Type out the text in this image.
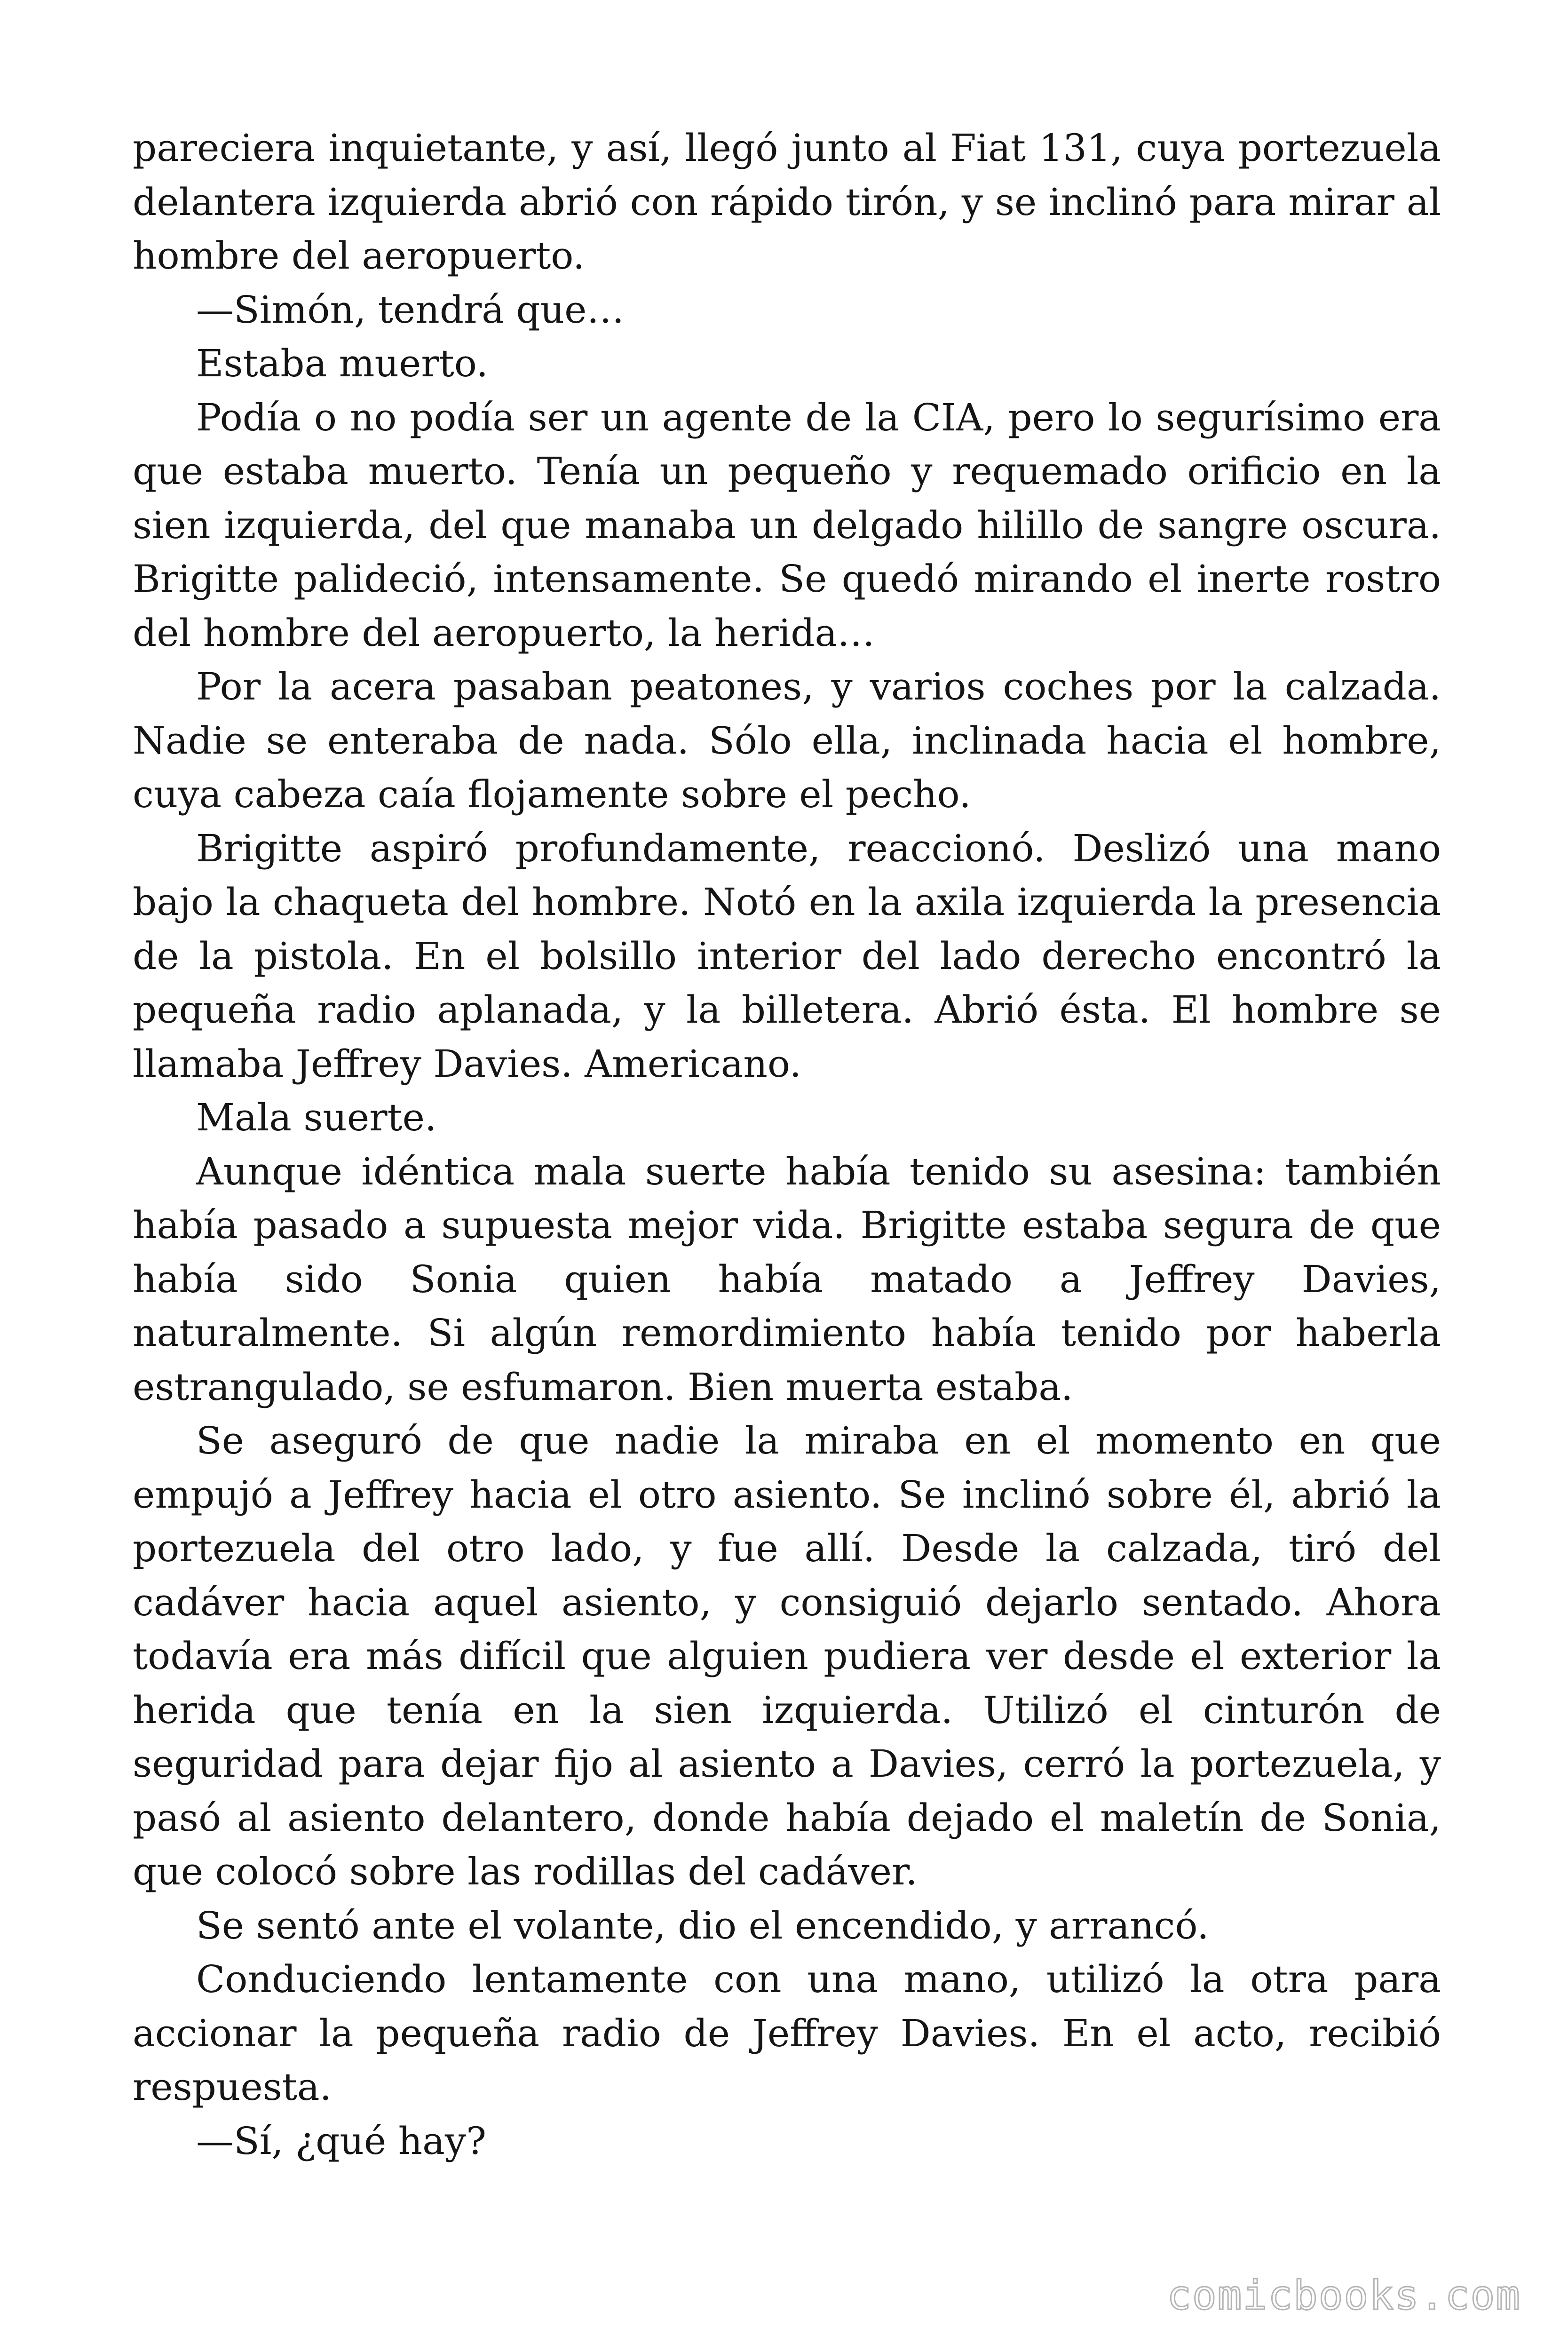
pareciera inquietante, y así, llegó junto al Fiat 131, cuya portezuela delantera izquierda abrió con rápido tirón, y se inclinó para mirar al hombre del aeropuerto.

—Simón, tendrá que…

Estaba muerto.

Podía o no podía ser un agente de la CIA, pero lo segurísimo era que estaba muerto. Tenía un pequeño y requemado orificio en la sien izquierda, del que manaba un delgado hilillo de sangre oscura. Brigitte palideció, intensamente. Se quedó mirando el inerte rostro del hombre del aeropuerto, la herida…

Por la acera pasaban peatones, y varios coches por la calzada. Nadie se enteraba de nada. Sólo ella, inclinada hacia el hombre, cuya cabeza caía flojamente sobre el pecho.

Brigitte aspiró profundamente, reaccionó. Deslizó una mano bajo la chaqueta del hombre. Notó en la axila izquierda la presencia de la pistola. En el bolsillo interior del lado derecho encontró la pequeña radio aplanada, y la billetera. Abrió ésta. El hombre se llamaba Jeffrey Davies. Americano.

Mala suerte.

Aunque idéntica mala suerte había tenido su asesina: también había pasado a supuesta mejor vida. Brigitte estaba segura de que había sido Sonia quien había matado a Jeffrey Davies, naturalmente. Si algún remordimiento había tenido por haberla estrangulado, se esfumaron. Bien muerta estaba.

Se aseguró de que nadie la miraba en el momento en que empujó a Jeffrey hacia el otro asiento. Se inclinó sobre él, abrió la portezuela del otro lado, y fue allí. Desde la calzada, tiró del cadáver hacia aquel asiento, y consiguió dejarlo sentado. Ahora todavía era más difícil que alguien pudiera ver desde el exterior la herida que tenía en la sien izquierda. Utilizó el cinturón de seguridad para dejar fijo al asiento a Davies, cerró la portezuela, y pasó al asiento delantero, donde había dejado el maletín de Sonia, que colocó sobre las rodillas del cadáver.

Se sentó ante el volante, dio el encendido, y arrancó.

Conduciendo lentamente con una mano, utilizó la otra para accionar la pequeña radio de Jeffrey Davies. En el acto, recibió respuesta.

—Sí, ¿qué hay?

comicbooks.com
